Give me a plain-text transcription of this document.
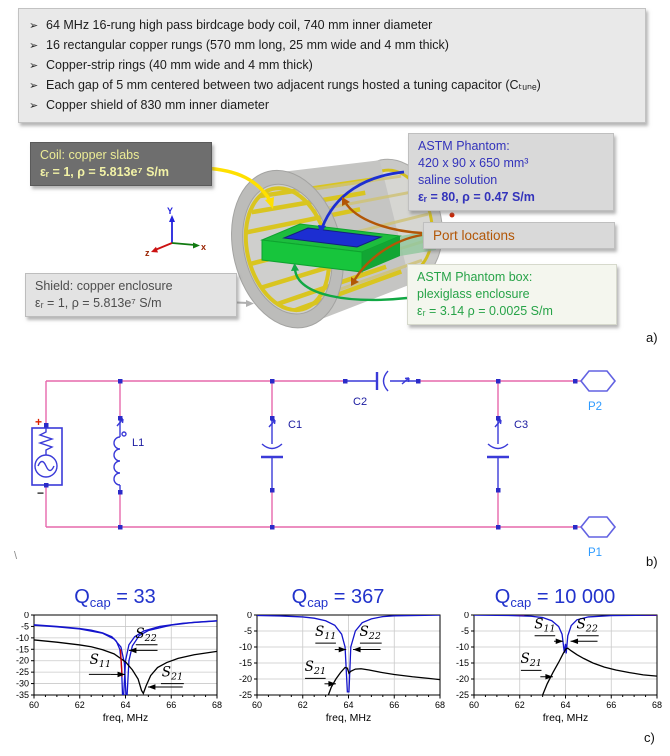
➢ 64 MHz 16-rung high pass birdcage body coil, 740 mm inner diameter
➢ 16 rectangular copper rungs (570 mm long, 25 mm wide and 4 mm thick)
➢ Copper-strip rings (40 mm wide and 4 mm thick)
➢ Each gap of 5 mm centered between two adjacent rungs hosted a tuning capacitor (Cₜᵤₙₑ)
➢ Copper shield of 830 mm inner diameter
Y
x
z
Coil: copper slabs
εᵣ = 1, ρ = 5.813e⁷ S/m
Shield: copper enclosure
εᵣ = 1, ρ = 5.813e⁷ S/m
ASTM Phantom:
420 x 90 x 650 mm³
saline solution
εᵣ = 80, ρ = 0.47 S/m
Port locations
ASTM Phantom box:
plexiglass enclosure
εᵣ = 3.14 ρ = 0.0025 S/m
a)
+
−
L1
C1	C3
C2	P2
P1
\	b)
$Q_{cap} = 33$
0
-5
-10
-15
-20
-25
-30
-35
60	62	64	66	68
freq, MHz
$S_{11}$
$S_{22}$
$S_{21}$
$Q_{cap} = 367$
0
-5
-10
-15
-20
-25
60	62	64	66	68
freq, MHz
$S_{11}$ $S_{22}$
$S_{21}$
$Q_{cap} = 10$ 000
0
-5
-10
-15
-20
-25
60	62	64	66	68
freq, MHz
$S_{11}$ $S_{22}$
$S_{21}$
c)
